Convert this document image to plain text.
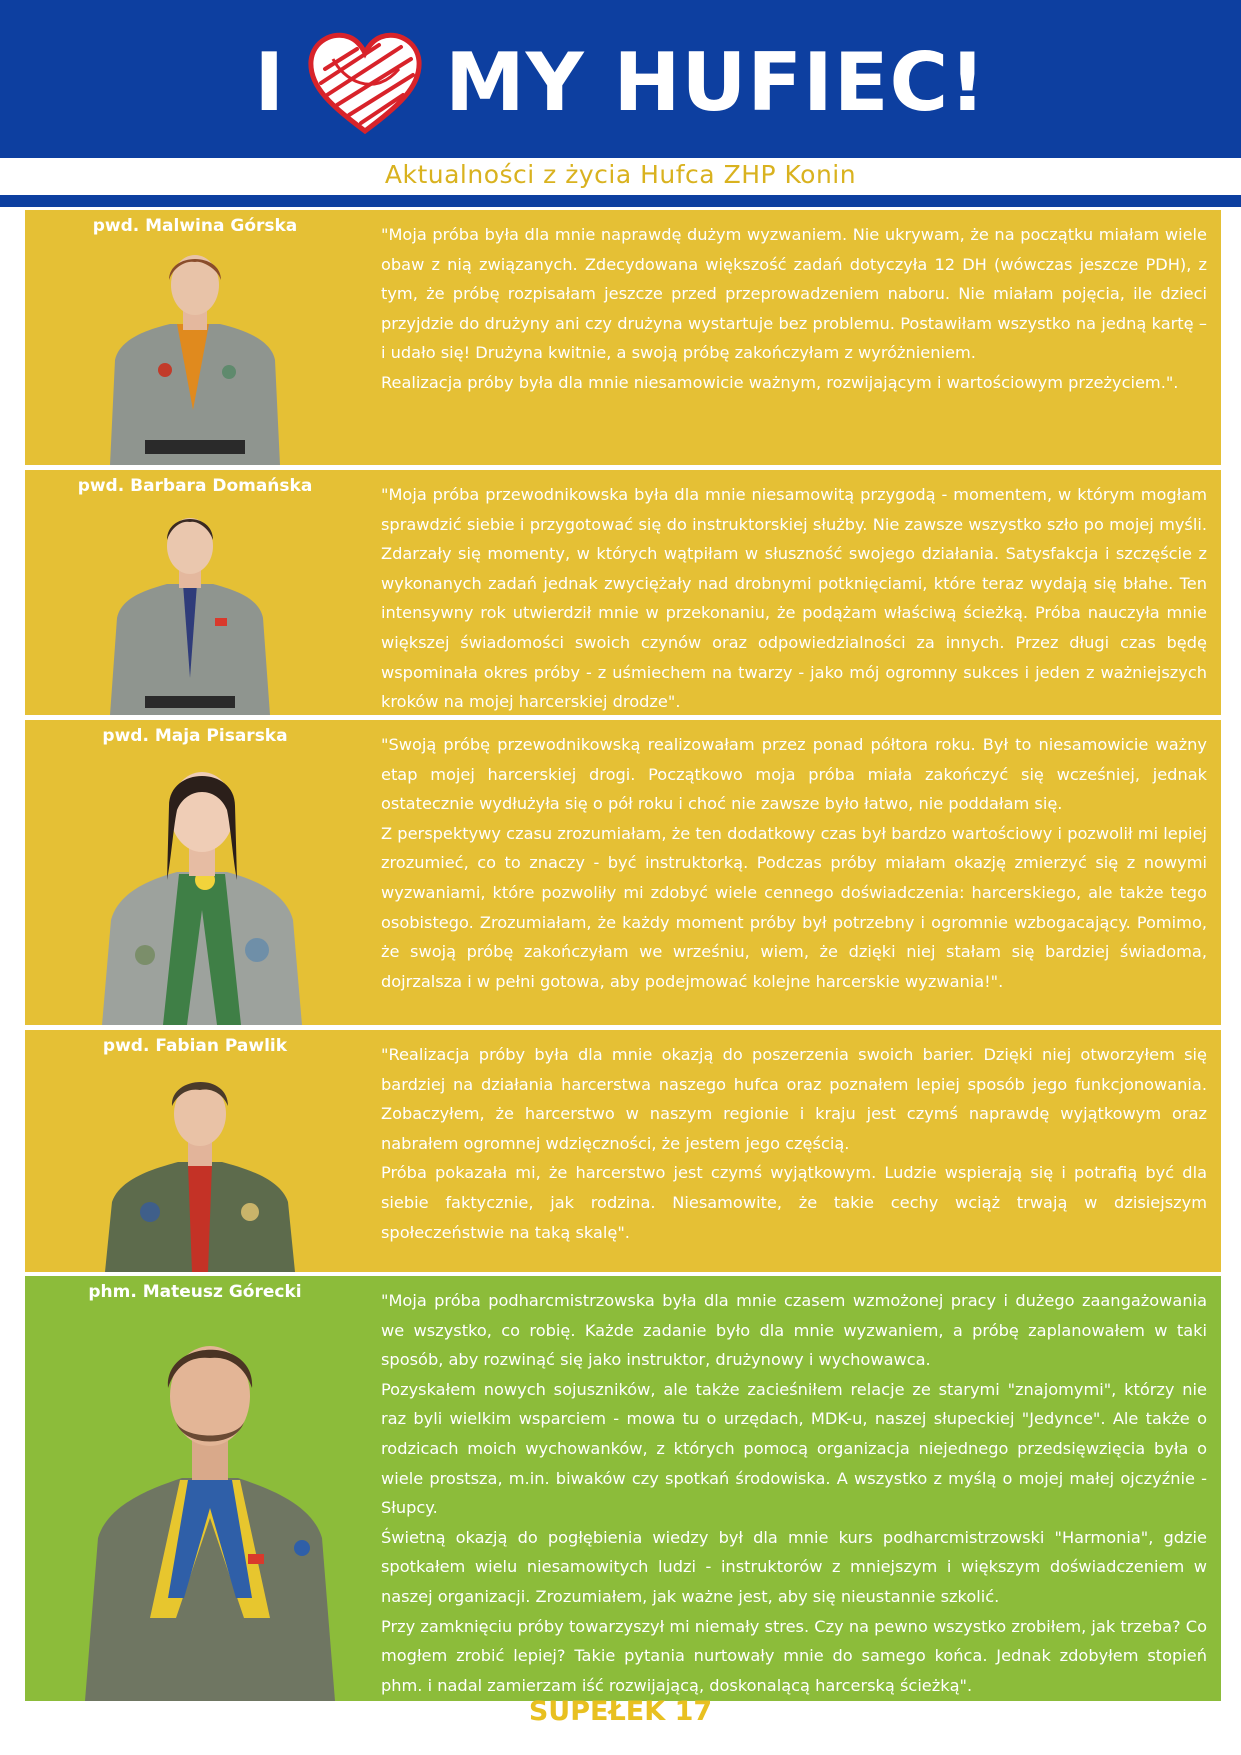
I MY HUFIEC!
Aktualności z życia Hufca ZHP Konin
pwd. Malwina Górska	"Moja próba była dla mnie naprawdę dużym wyzwaniem. Nie ukrywam, że na początku miałam wiele obaw z nią związanych. Zdecydowana większość zadań dotyczyła 12 DH (wówczas jeszcze PDH), z tym, że próbę rozpisałam jeszcze przed przeprowadzeniem naboru. Nie miałam pojęcia, ile dzieci przyjdzie do drużyny ani czy drużyna wystartuje bez problemu. Postawiłam wszystko na jedną kartę – i udało się! Drużyna kwitnie, a swoją próbę zakończyłam z wyróżnieniem.

Realizacja próby była dla mnie niesamowicie ważnym, rozwijającym i wartościowym przeżyciem.".

pwd. Barbara Domańska	"Moja próba przewodnikowska była dla mnie niesamowitą przygodą - momentem, w którym mogłam sprawdzić siebie i przygotować się do instruktorskiej służby. Nie zawsze wszystko szło po mojej myśli. Zdarzały się momenty, w których wątpiłam w słuszność swojego działania. Satysfakcja i szczęście z wykonanych zadań jednak zwyciężały nad drobnymi potknięciami, które teraz wydają się błahe. Ten intensywny rok utwierdził mnie w przekonaniu, że podążam właściwą ścieżką. Próba nauczyła mnie większej świadomości swoich czynów oraz odpowiedzialności za innych. Przez długi czas będę wspominała okres próby - z uśmiechem na twarzy - jako mój ogromny sukces i jeden z ważniejszych kroków na mojej harcerskiej drodze".

pwd. Maja Pisarska	"Swoją próbę przewodnikowską realizowałam przez ponad półtora roku. Był to niesamowicie ważny etap mojej harcerskiej drogi. Początkowo moja próba miała zakończyć się wcześniej, jednak ostatecznie wydłużyła się o pół roku i choć nie zawsze było łatwo, nie poddałam się.

Z perspektywy czasu zrozumiałam, że ten dodatkowy czas był bardzo wartościowy i pozwolił mi lepiej zrozumieć, co to znaczy - być instruktorką. Podczas próby miałam okazję zmierzyć się z nowymi wyzwaniami, które pozwoliły mi zdobyć wiele cennego doświadczenia: harcerskiego, ale także tego osobistego. Zrozumiałam, że każdy moment próby był potrzebny i ogromnie wzbogacający. Pomimo, że swoją próbę zakończyłam we wrześniu, wiem, że dzięki niej stałam się bardziej świadoma, dojrzalsza i w pełni gotowa, aby podejmować kolejne harcerskie wyzwania!".

pwd. Fabian Pawlik	"Realizacja próby była dla mnie okazją do poszerzenia swoich barier. Dzięki niej otworzyłem się bardziej na działania harcerstwa naszego hufca oraz poznałem lepiej sposób jego funkcjonowania. Zobaczyłem, że harcerstwo w naszym regionie i kraju jest czymś naprawdę wyjątkowym oraz nabrałem ogromnej wdzięczności, że jestem jego częścią.

Próba pokazała mi, że harcerstwo jest czymś wyjątkowym. Ludzie wspierają się i potrafią być dla siebie faktycznie, jak rodzina. Niesamowite, że takie cechy wciąż trwają w dzisiejszym społeczeństwie na taką skalę".

phm. Mateusz Górecki	"Moja próba podharcmistrzowska była dla mnie czasem wzmożonej pracy i dużego zaangażowania we wszystko, co robię. Każde zadanie było dla mnie wyzwaniem, a próbę zaplanowałem w taki sposób, aby rozwinąć się jako instruktor, drużynowy i wychowawca.

Pozyskałem nowych sojuszników, ale także zacieśniłem relacje ze starymi "znajomymi", którzy nie raz byli wielkim wsparciem - mowa tu o urzędach, MDK-u, naszej słupeckiej "Jedynce". Ale także o rodzicach moich wychowanków, z których pomocą organizacja niejednego przedsięwzięcia była o wiele prostsza, m.in. biwaków czy spotkań środowiska. A wszystko z myślą o mojej małej ojczyźnie - Słupcy.

Świetną okazją do pogłębienia wiedzy był dla mnie kurs podharcmistrzowski "Harmonia", gdzie spotkałem wielu niesamowitych ludzi - instruktorów z mniejszym i większym doświadczeniem w naszej organizacji. Zrozumiałem, jak ważne jest, aby się nieustannie szkolić.

Przy zamknięciu próby towarzyszył mi niemały stres. Czy na pewno wszystko zrobiłem, jak trzeba? Co mogłem zrobić lepiej? Takie pytania nurtowały mnie do samego końca. Jednak zdobyłem stopień phm. i nadal zamierzam iść rozwijającą, doskonalącą harcerską ścieżką".

SUPEŁEK 17
